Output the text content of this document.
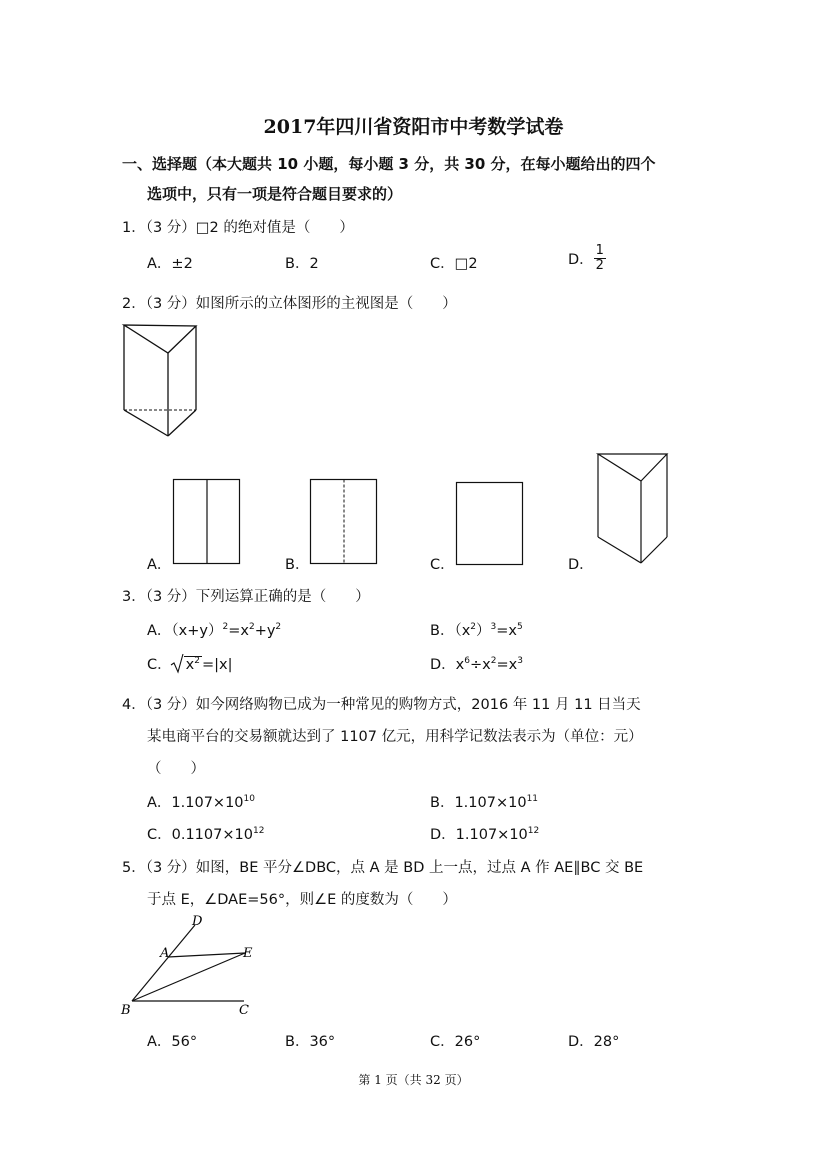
2017年四川省资阳市中考数学试卷
一、选择题（本大题共 10 小题，每小题 3 分，共 30 分，在每小题给出的四个
选项中，只有一项是符合题目要求的）
1．（3 分）□2 的绝对值是（　　）
A．±2	B．2	C．□2	D． $\frac{1}{2}$
2．（3 分）如图所示的立体图形的主视图是（　　）
A．	B．	C．	D．
3．（3 分）下列运算正确的是（　　）
A．$(x+y)^2=x^2+y^2$	B．$(x^2)^3=x^5$
C． $x^2 =|x|$	D．$x^6\div x^2=x^3$
4．（3 分）如今网络购物已成为一种常见的购物方式，2016 年 11 月 11 日当天
某电商平台的交易额就达到了 1107 亿元，用科学记数法表示为（单位：元）
（　　）
A．$1.107\times 10^{10}$	B．$1.107\times 10^{11}$
C．$0.1107\times 10^{12}$	D．$1.107\times 10^{12}$
5．（3 分）如图，BE 平分∠DBC，点 A 是 BD 上一点，过点 A 作 AE∥BC 交 BE
于点 E，∠DAE=56°，则∠E 的度数为（　　）
D
A	E
B	C
A．56°	B．36°	C．26°	D．28°
第 1 页（共 32 页）
